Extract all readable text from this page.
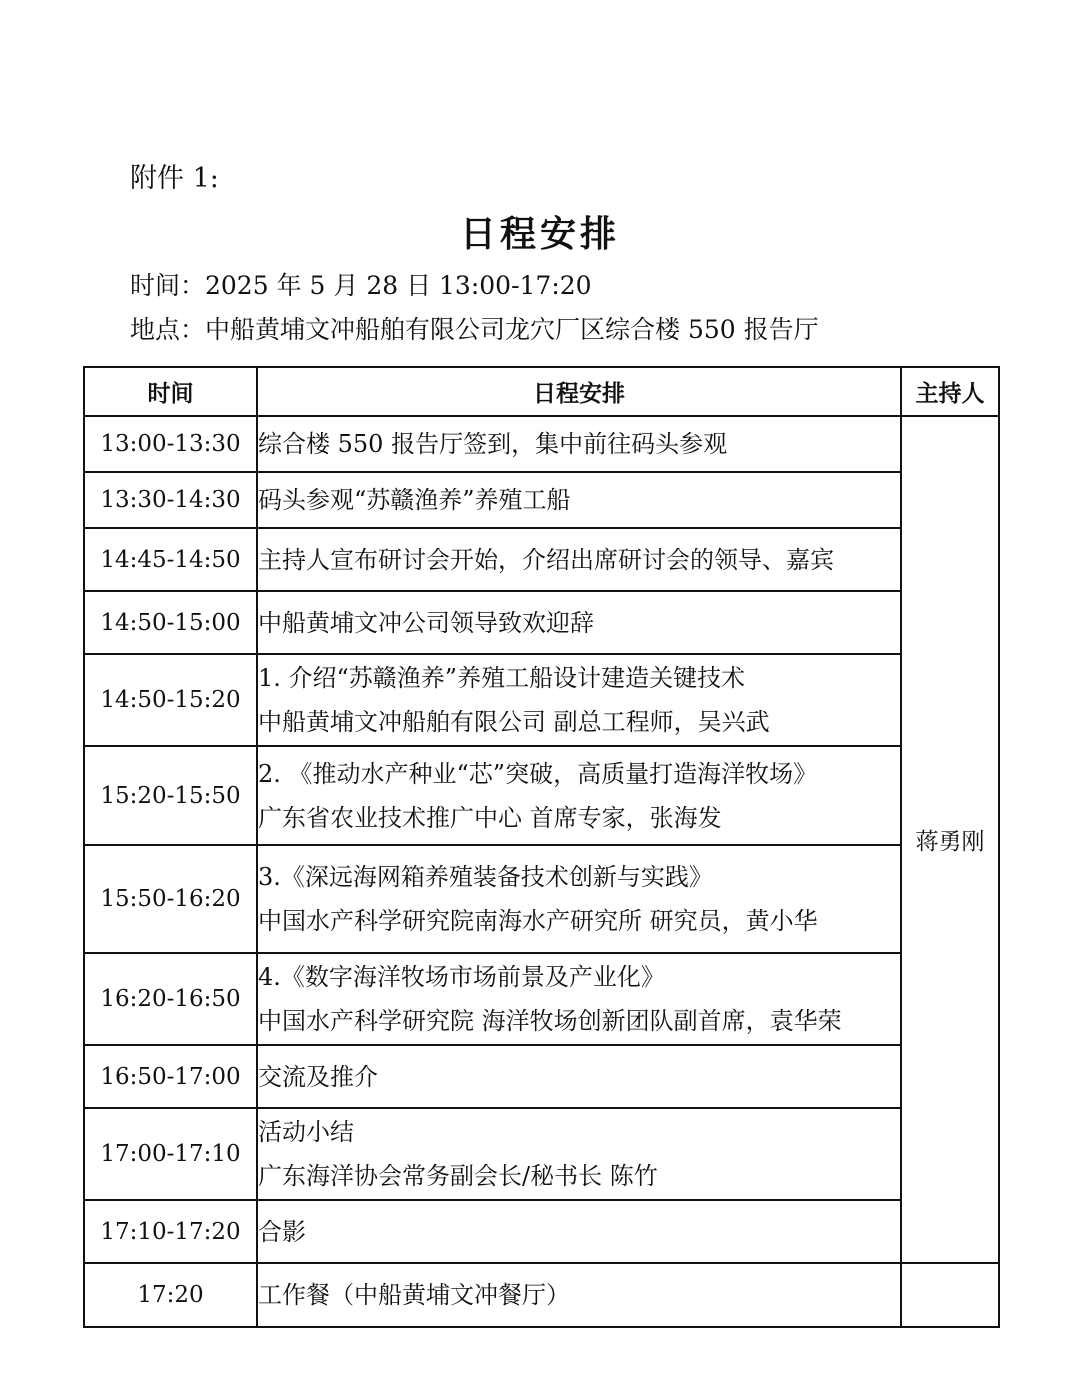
附件 1:
日程安排
时间：2025 年 5 月 28 日 13:00-17:20
地点：中船黄埔文冲船舶有限公司龙穴厂区综合楼 550 报告厅
时间	日程安排	主持人
13:00-13:30	综合楼 550 报告厅签到，集中前往码头参观	蒋勇刚
13:30-14:30	码头参观“苏赣渔养”养殖工船	

14:45-14:50	主持人宣布研讨会开始，介绍出席研讨会的领导、嘉宾	

14:50-15:00	中船黄埔文冲公司领导致欢迎辞	

14:50-15:20	1. 介绍“苏赣渔养”养殖工船设计建造关键技术
中船黄埔文冲船舶有限公司 副总工程师，吴兴武	

15:20-15:50	2. 《推动水产种业“芯”突破，高质量打造海洋牧场》
广东省农业技术推广中心 首席专家，张海发	

15:50-16:20	3.《深远海网箱养殖装备技术创新与实践》
中国水产科学研究院南海水产研究所 研究员，黄小华	

16:20-16:50	4.《数字海洋牧场市场前景及产业化》
中国水产科学研究院 海洋牧场创新团队副首席，袁华荣	

16:50-17:00	交流及推介	

17:00-17:10	活动小结
广东海洋协会常务副会长/秘书长 陈竹	

17:10-17:20	合影	

17:20	工作餐（中船黄埔文冲餐厅）	
